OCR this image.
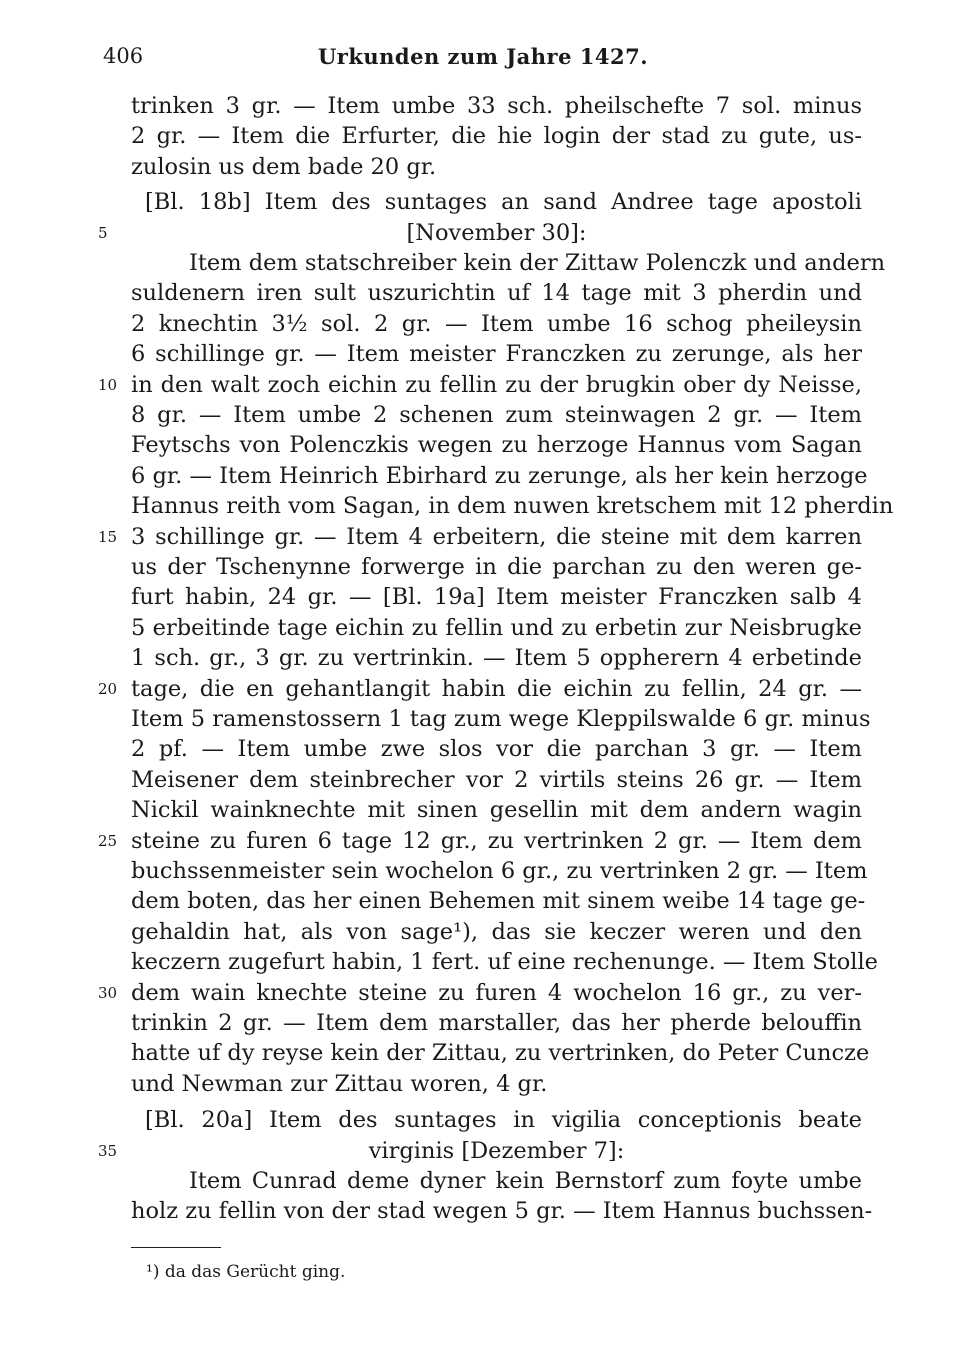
406	Urkunden zum Jahre 1427.
trinken 3 gr. — Item umbe 33 sch. pheilschefte 7 sol. minus
2 gr. — Item die Erfurter, die hie login der stad zu gute, us-
zulosin us dem bade 20 gr.
[Bl. 18b] Item des suntages an sand Andree tage apostoli
[November 30]:
5
Item dem statschreiber kein der Zittaw Polenczk und andern
suldenern iren sult uszurichtin uf 14 tage mit 3 pherdin und
2 knechtin 3½ sol. 2 gr. — Item umbe 16 schog pheileysin
6 schillinge gr. — Item meister Franczken zu zerunge, als her
in den walt zoch eichin zu fellin zu der brugkin ober dy Neisse,
10
8 gr. — Item umbe 2 schenen zum steinwagen 2 gr. — Item
Feytschs von Polenczkis wegen zu herzoge Hannus vom Sagan
6 gr. — Item Heinrich Ebirhard zu zerunge, als her kein herzoge
Hannus reith vom Sagan, in dem nuwen kretschem mit 12 pherdin
3 schillinge gr. — Item 4 erbeitern, die steine mit dem karren
15
us der Tschenynne forwerge in die parchan zu den weren ge-
furt habin, 24 gr. — [Bl. 19a] Item meister Franczken salb 4
5 erbeitinde tage eichin zu fellin und zu erbetin zur Neisbrugke
1 sch. gr., 3 gr. zu vertrinkin. — Item 5 oppherern 4 erbetinde
tage, die en gehantlangit habin die eichin zu fellin, 24 gr. —
20
Item 5 ramenstossern 1 tag zum wege Kleppilswalde 6 gr. minus
2 pf. — Item umbe zwe slos vor die parchan 3 gr. — Item
Meisener dem steinbrecher vor 2 virtils steins 26 gr. — Item
Nickil wainknechte mit sinen gesellin mit dem andern wagin
steine zu furen 6 tage 12 gr., zu vertrinken 2 gr. — Item dem
25
buchssenmeister sein wochelon 6 gr., zu vertrinken 2 gr. — Item
dem boten, das her einen Behemen mit sinem weibe 14 tage ge-
gehaldin hat, als von sage¹), das sie keczer weren und den
keczern zugefurt habin, 1 fert. uf eine rechenunge. — Item Stolle
dem wain knechte steine zu furen 4 wochelon 16 gr., zu ver-
30
trinkin 2 gr. — Item dem marstaller, das her pherde belouffin
hatte uf dy reyse kein der Zittau, zu vertrinken, do Peter Cuncze
und Newman zur Zittau woren, 4 gr.
[Bl. 20a] Item des suntages in vigilia conceptionis beate
virginis [Dezember 7]:
35
Item Cunrad deme dyner kein Bernstorf zum foyte umbe
holz zu fellin von der stad wegen 5 gr. — Item Hannus buchssen-
¹) da das Gerücht ging.
